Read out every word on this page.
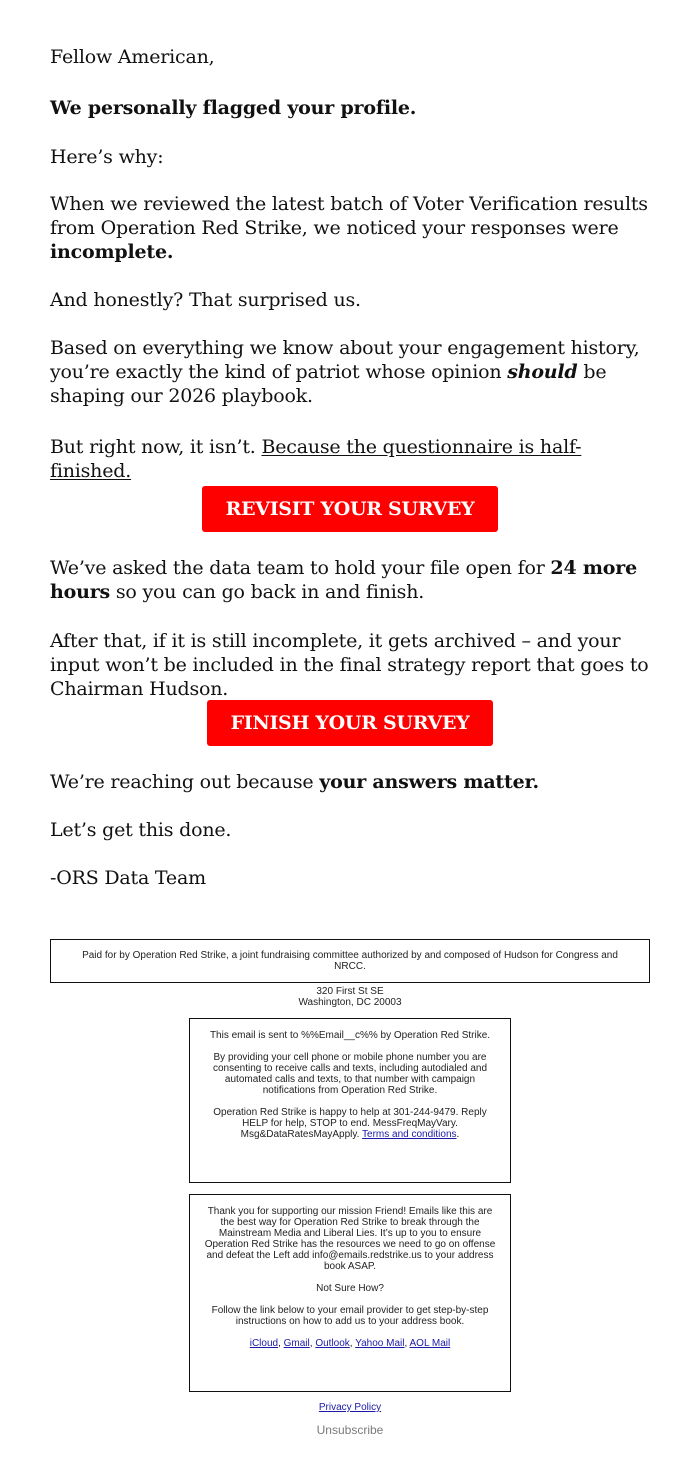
Fellow American,

We personally flagged your profile.

Here’s why:

When we reviewed the latest batch of Voter Verification results from Operation Red Strike, we noticed your responses were incomplete.

And honestly? That surprised us.

Based on everything we know about your engagement history, you’re exactly the kind of patriot whose opinion should be shaping our 2026 playbook.

But right now, it isn’t. Because the questionnaire is half-finished.

We’ve asked the data team to hold your file open for 24 more hours so you can go back in and finish.

After that, if it is still incomplete, it gets archived – and your input won’t be included in the final strategy report that goes to Chairman Hudson.

We’re reaching out because your answers matter.

Let’s get this done.

-ORS Data Team

REVISIT YOUR SURVEY
FINISH YOUR SURVEY
Paid for by Operation Red Strike, a joint fundraising committee authorized by and composed of Hudson for Congress and NRCC.
320 First St SE
Washington, DC 20003

This email is sent to %%Email__c%% by Operation Red Strike.

By providing your cell phone or mobile phone number you are consenting to receive calls and texts, including autodialed and automated calls and texts, to that number with campaign notifications from Operation Red Strike.

Operation Red Strike is happy to help at 301-244-9479. Reply HELP for help, STOP to end. MessFreqMayVary. Msg&DataRatesMayApply. Terms and conditions.

Thank you for supporting our mission Friend! Emails like this are the best way for Operation Red Strike to break through the Mainstream Media and Liberal Lies. It’s up to you to ensure Operation Red Strike has the resources we need to go on offense and defeat the Left add info@emails.redstrike.us to your address book ASAP.

Not Sure How?

Follow the link below to your email provider to get step-by-step instructions on how to add us to your address book.

iCloud, Gmail, Outlook, Yahoo Mail, AOL Mail

Privacy Policy
Unsubscribe
